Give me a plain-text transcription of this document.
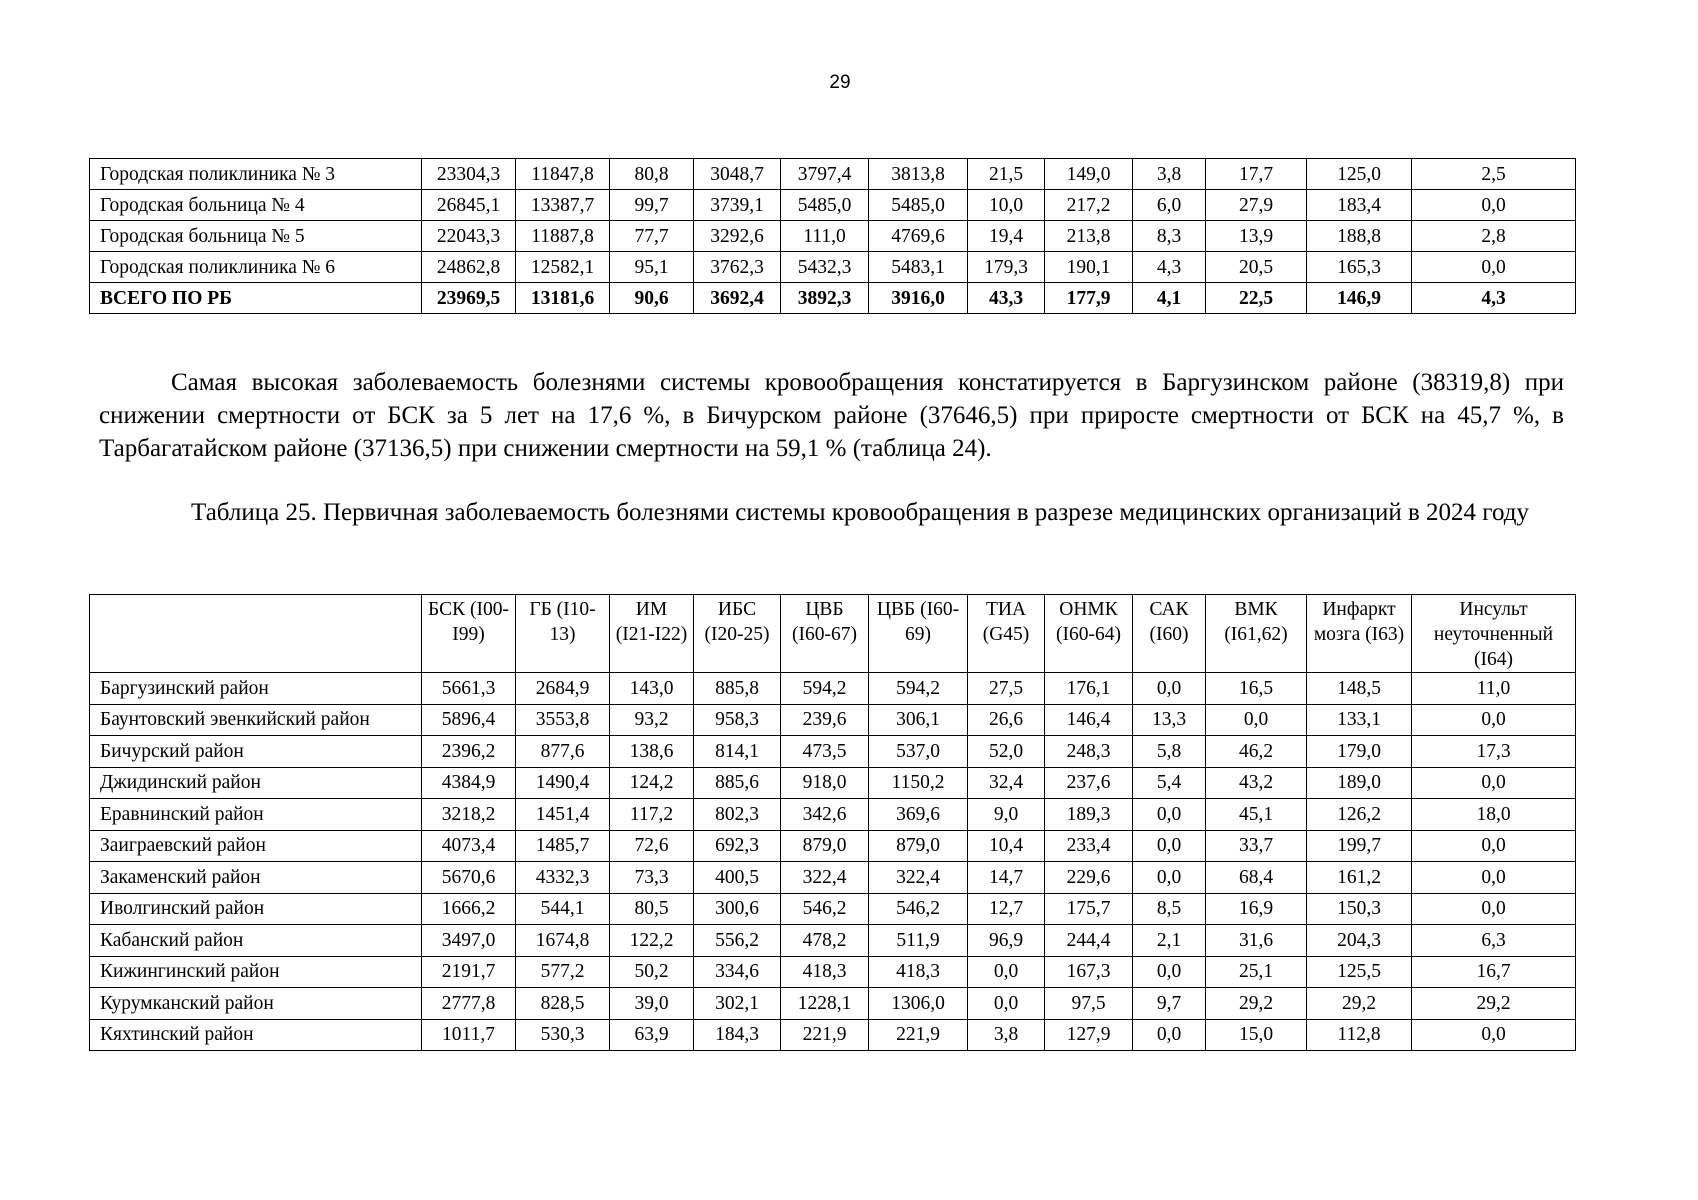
29
Городская поликлиника № 3	23304,3	11847,8	80,8	3048,7	3797,4	3813,8	21,5	149,0	3,8	17,7	125,0	2,5
Городская больница № 4	26845,1	13387,7	99,7	3739,1	5485,0	5485,0	10,0	217,2	6,0	27,9	183,4	0,0
Городская больница № 5	22043,3	11887,8	77,7	3292,6	111,0	4769,6	19,4	213,8	8,3	13,9	188,8	2,8
Городская поликлиника № 6	24862,8	12582,1	95,1	3762,3	5432,3	5483,1	179,3	190,1	4,3	20,5	165,3	0,0
ВСЕГО ПО РБ	23969,5	13181,6	90,6	3692,4	3892,3	3916,0	43,3	177,9	4,1	22,5	146,9	4,3
Самая высокая заболеваемость болезнями системы кровообращения констатируется в Баргузинском районе (38319,8) при снижении смертности от БСК за 5 лет на 17,6 %, в Бичурском районе (37646,5) при приросте смертности от БСК на 45,7 %, в Тарбагатайском районе (37136,5) при снижении смертности на 59,1 % (таблица 24).
Таблица 25. Первичная заболеваемость болезнями системы кровообращения в разрезе медицинских организаций в 2024 году
	БСК (I00-I99)	ГБ (I10-13)	ИМ (I21-I22)	ИБС (I20-25)	ЦВБ (I60-67)	ЦВБ (I60-69)	ТИА (G45)	ОНМК (I60-64)	САК (I60)	ВМК (I61,62)	Инфаркт мозга (I63)	Инсульт неуточненный (I64)
Баргузинский район	5661,3	2684,9	143,0	885,8	594,2	594,2	27,5	176,1	0,0	16,5	148,5	11,0
Баунтовский эвенкийский район	5896,4	3553,8	93,2	958,3	239,6	306,1	26,6	146,4	13,3	0,0	133,1	0,0
Бичурский район	2396,2	877,6	138,6	814,1	473,5	537,0	52,0	248,3	5,8	46,2	179,0	17,3
Джидинский район	4384,9	1490,4	124,2	885,6	918,0	1150,2	32,4	237,6	5,4	43,2	189,0	0,0
Еравнинский район	3218,2	1451,4	117,2	802,3	342,6	369,6	9,0	189,3	0,0	45,1	126,2	18,0
Заиграевский район	4073,4	1485,7	72,6	692,3	879,0	879,0	10,4	233,4	0,0	33,7	199,7	0,0
Закаменский район	5670,6	4332,3	73,3	400,5	322,4	322,4	14,7	229,6	0,0	68,4	161,2	0,0
Иволгинский район	1666,2	544,1	80,5	300,6	546,2	546,2	12,7	175,7	8,5	16,9	150,3	0,0
Кабанский район	3497,0	1674,8	122,2	556,2	478,2	511,9	96,9	244,4	2,1	31,6	204,3	6,3
Кижингинский район	2191,7	577,2	50,2	334,6	418,3	418,3	0,0	167,3	0,0	25,1	125,5	16,7
Курумканский район	2777,8	828,5	39,0	302,1	1228,1	1306,0	0,0	97,5	9,7	29,2	29,2	29,2
Кяхтинский район	1011,7	530,3	63,9	184,3	221,9	221,9	3,8	127,9	0,0	15,0	112,8	0,0
